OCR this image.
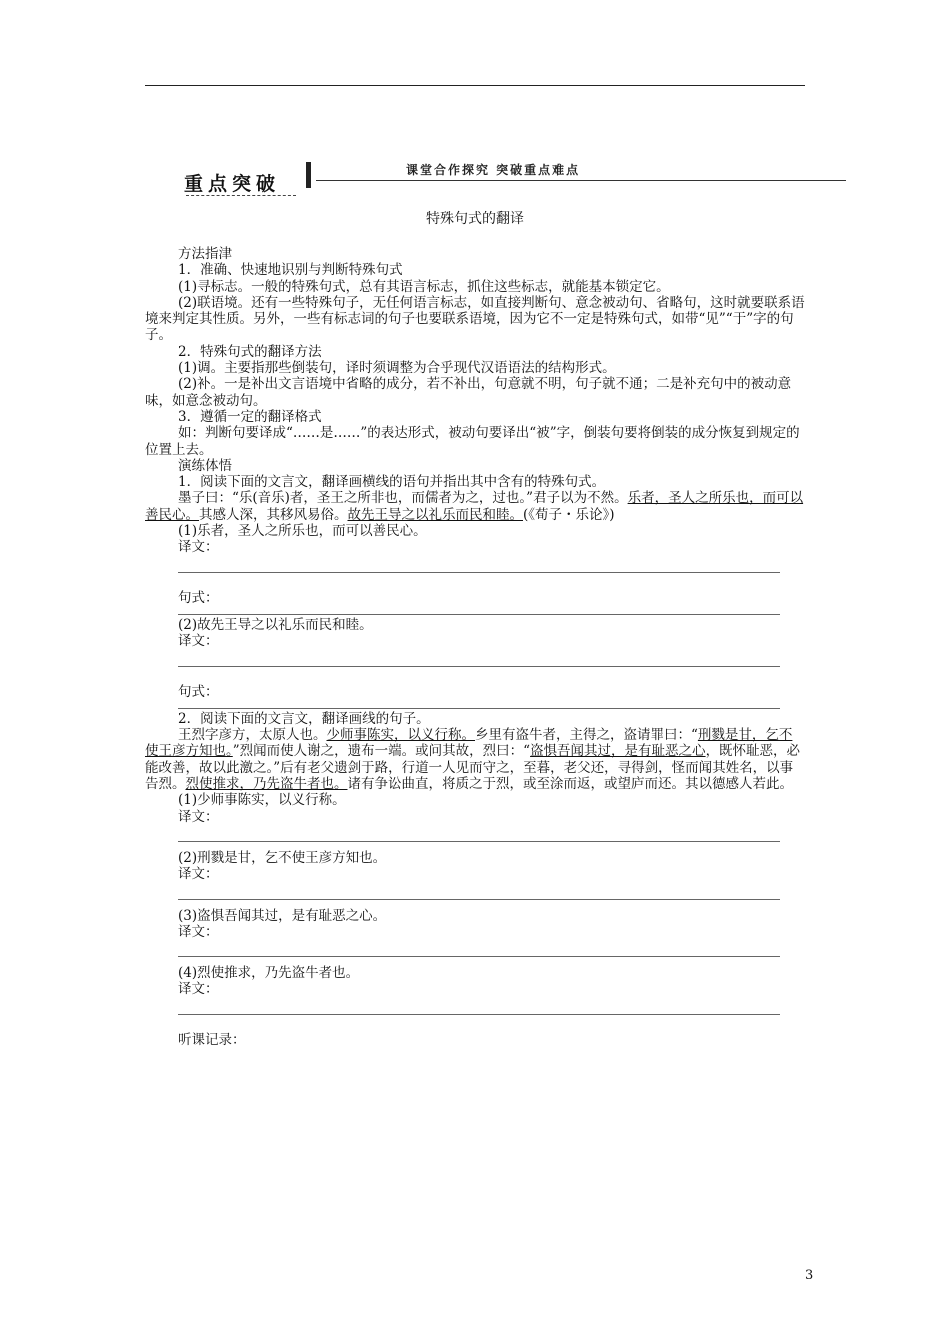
重点突破
课堂合作探究 突破重点难点
特殊句式的翻译

方法指津

1．准确、快速地识别与判断特殊句式

(1)寻标志。一般的特殊句式，总有其语言标志，抓住这些标志，就能基本锁定它。

(2)联语境。还有一些特殊句子，无任何语言标志，如直接判断句、意念被动句、省略句，这时就要联系语境来判定其性质。另外，一些有标志词的句子也要联系语境，因为它不一定是特殊句式，如带“见”“于”字的句子。

2．特殊句式的翻译方法

(1)调。主要指那些倒装句，译时须调整为合乎现代汉语语法的结构形式。

(2)补。一是补出文言语境中省略的成分，若不补出，句意就不明，句子就不通；二是补充句中的被动意味，如意念被动句。

3．遵循一定的翻译格式

如：判断句要译成“……是……”的表达形式，被动句要译出“被”字，倒装句要将倒装的成分恢复到规定的位置上去。

演练体悟

1．阅读下面的文言文，翻译画横线的语句并指出其中含有的特殊句式。

墨子曰：“乐(音乐)者，圣王之所非也，而儒者为之，过也。”君子以为不然。乐者，圣人之所乐也，而可以善民心。其感人深，其移风易俗。故先王导之以礼乐而民和睦。(《荀子・乐论》)

(1)乐者，圣人之所乐也，而可以善民心。

译文：

句式：

(2)故先王导之以礼乐而民和睦。

译文：

句式：

2．阅读下面的文言文，翻译画线的句子。

王烈字彦方，太原人也。少师事陈实，以义行称。乡里有盗牛者，主得之，盗请罪曰：“刑戮是甘，乞不使王彦方知也。”烈闻而使人谢之，遗布一端。或问其故，烈曰：“盗惧吾闻其过，是有耻恶之心，既怀耻恶，必能改善，故以此激之。”后有老父遗剑于路，行道一人见而守之，至暮，老父还，寻得剑，怪而闻其姓名，以事告烈。烈使推求，乃先盗牛者也。诸有争讼曲直，将质之于烈，或至涂而返，或望庐而还。其以德感人若此。

(1)少师事陈实，以义行称。

译文：

(2)刑戮是甘，乞不使王彦方知也。

译文：

(3)盗惧吾闻其过，是有耻恶之心。

译文：

(4)烈使推求，乃先盗牛者也。

译文：

听课记录：

3
